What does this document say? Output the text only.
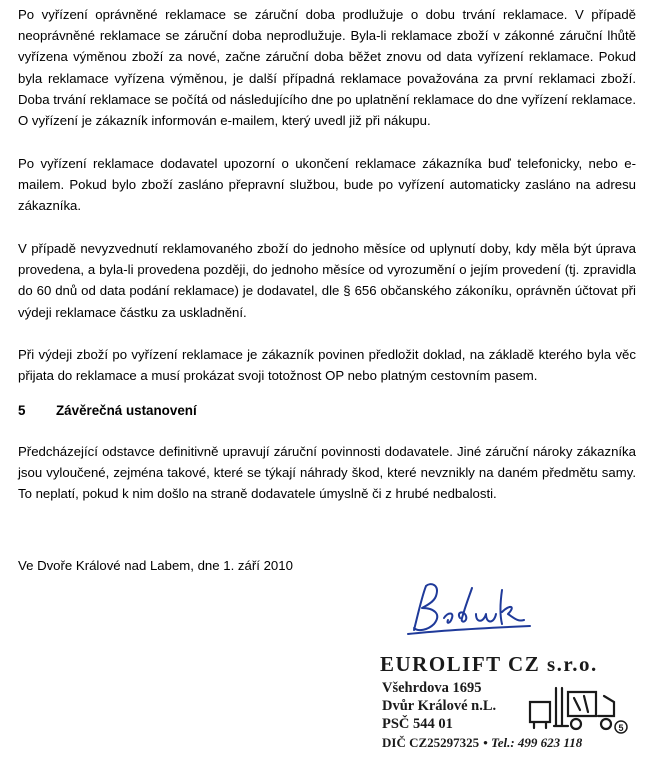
Po vyřízení oprávněné reklamace se záruční doba prodlužuje o dobu trvání reklamace. V případě neoprávněné reklamace se záruční doba neprodlužuje. Byla-li reklamace zboží v zákonné záruční lhůtě vyřízena výměnou zboží za nové, začne záruční doba běžet znovu od data vyřízení reklamace. Pokud byla reklamace vyřízena výměnou, je další případná reklamace považována za první reklamaci zboží. Doba trvání reklamace se počítá od následujícího dne po uplatnění reklamace do dne vyřízení reklamace. O vyřízení je zákazník informován e-mailem, který uvedl již při nákupu.

Po vyřízení reklamace dodavatel upozorní o ukončení reklamace zákazníka buď telefonicky, nebo e-mailem. Pokud bylo zboží zasláno přepravní službou, bude po vyřízení automaticky zasláno na adresu zákazníka.

V případě nevyzvednutí reklamovaného zboží do jednoho měsíce od uplynutí doby, kdy měla být úprava provedena, a byla-li provedena později, do jednoho měsíce od vyrozumění o jejím provedení (tj. zpravidla do 60 dnů od data podání reklamace) je dodavatel, dle § 656 občanského zákoníku, oprávněn účtovat při výdeji reklamace částku za uskladnění.

Při výdeji zboží po vyřízení reklamace je zákazník povinen předložit doklad, na základě kterého byla věc přijata do reklamace a musí prokázat svoji totožnost OP nebo platným cestovním pasem.

5 Závěrečná ustanovení

Předcházející odstavce definitivně upravují záruční povinnosti dodavatele. Jiné záruční nároky zákazníka jsou vyloučené, zejména takové, které se týkají náhrady škod, které nevznikly na daném předmětu samy. To neplatí, pokud k nim došlo na straně dodavatele úmyslně či z hrubé nedbalosti.

Ve Dvoře Králové nad Labem, dne 1. září 2010

EUROLIFT CZ s.r.o.
Všehrdova 1695
Dvůr Králové n.L.
PSČ 544 01
DIČ CZ25297325 • Tel.: 499 623 118
5
